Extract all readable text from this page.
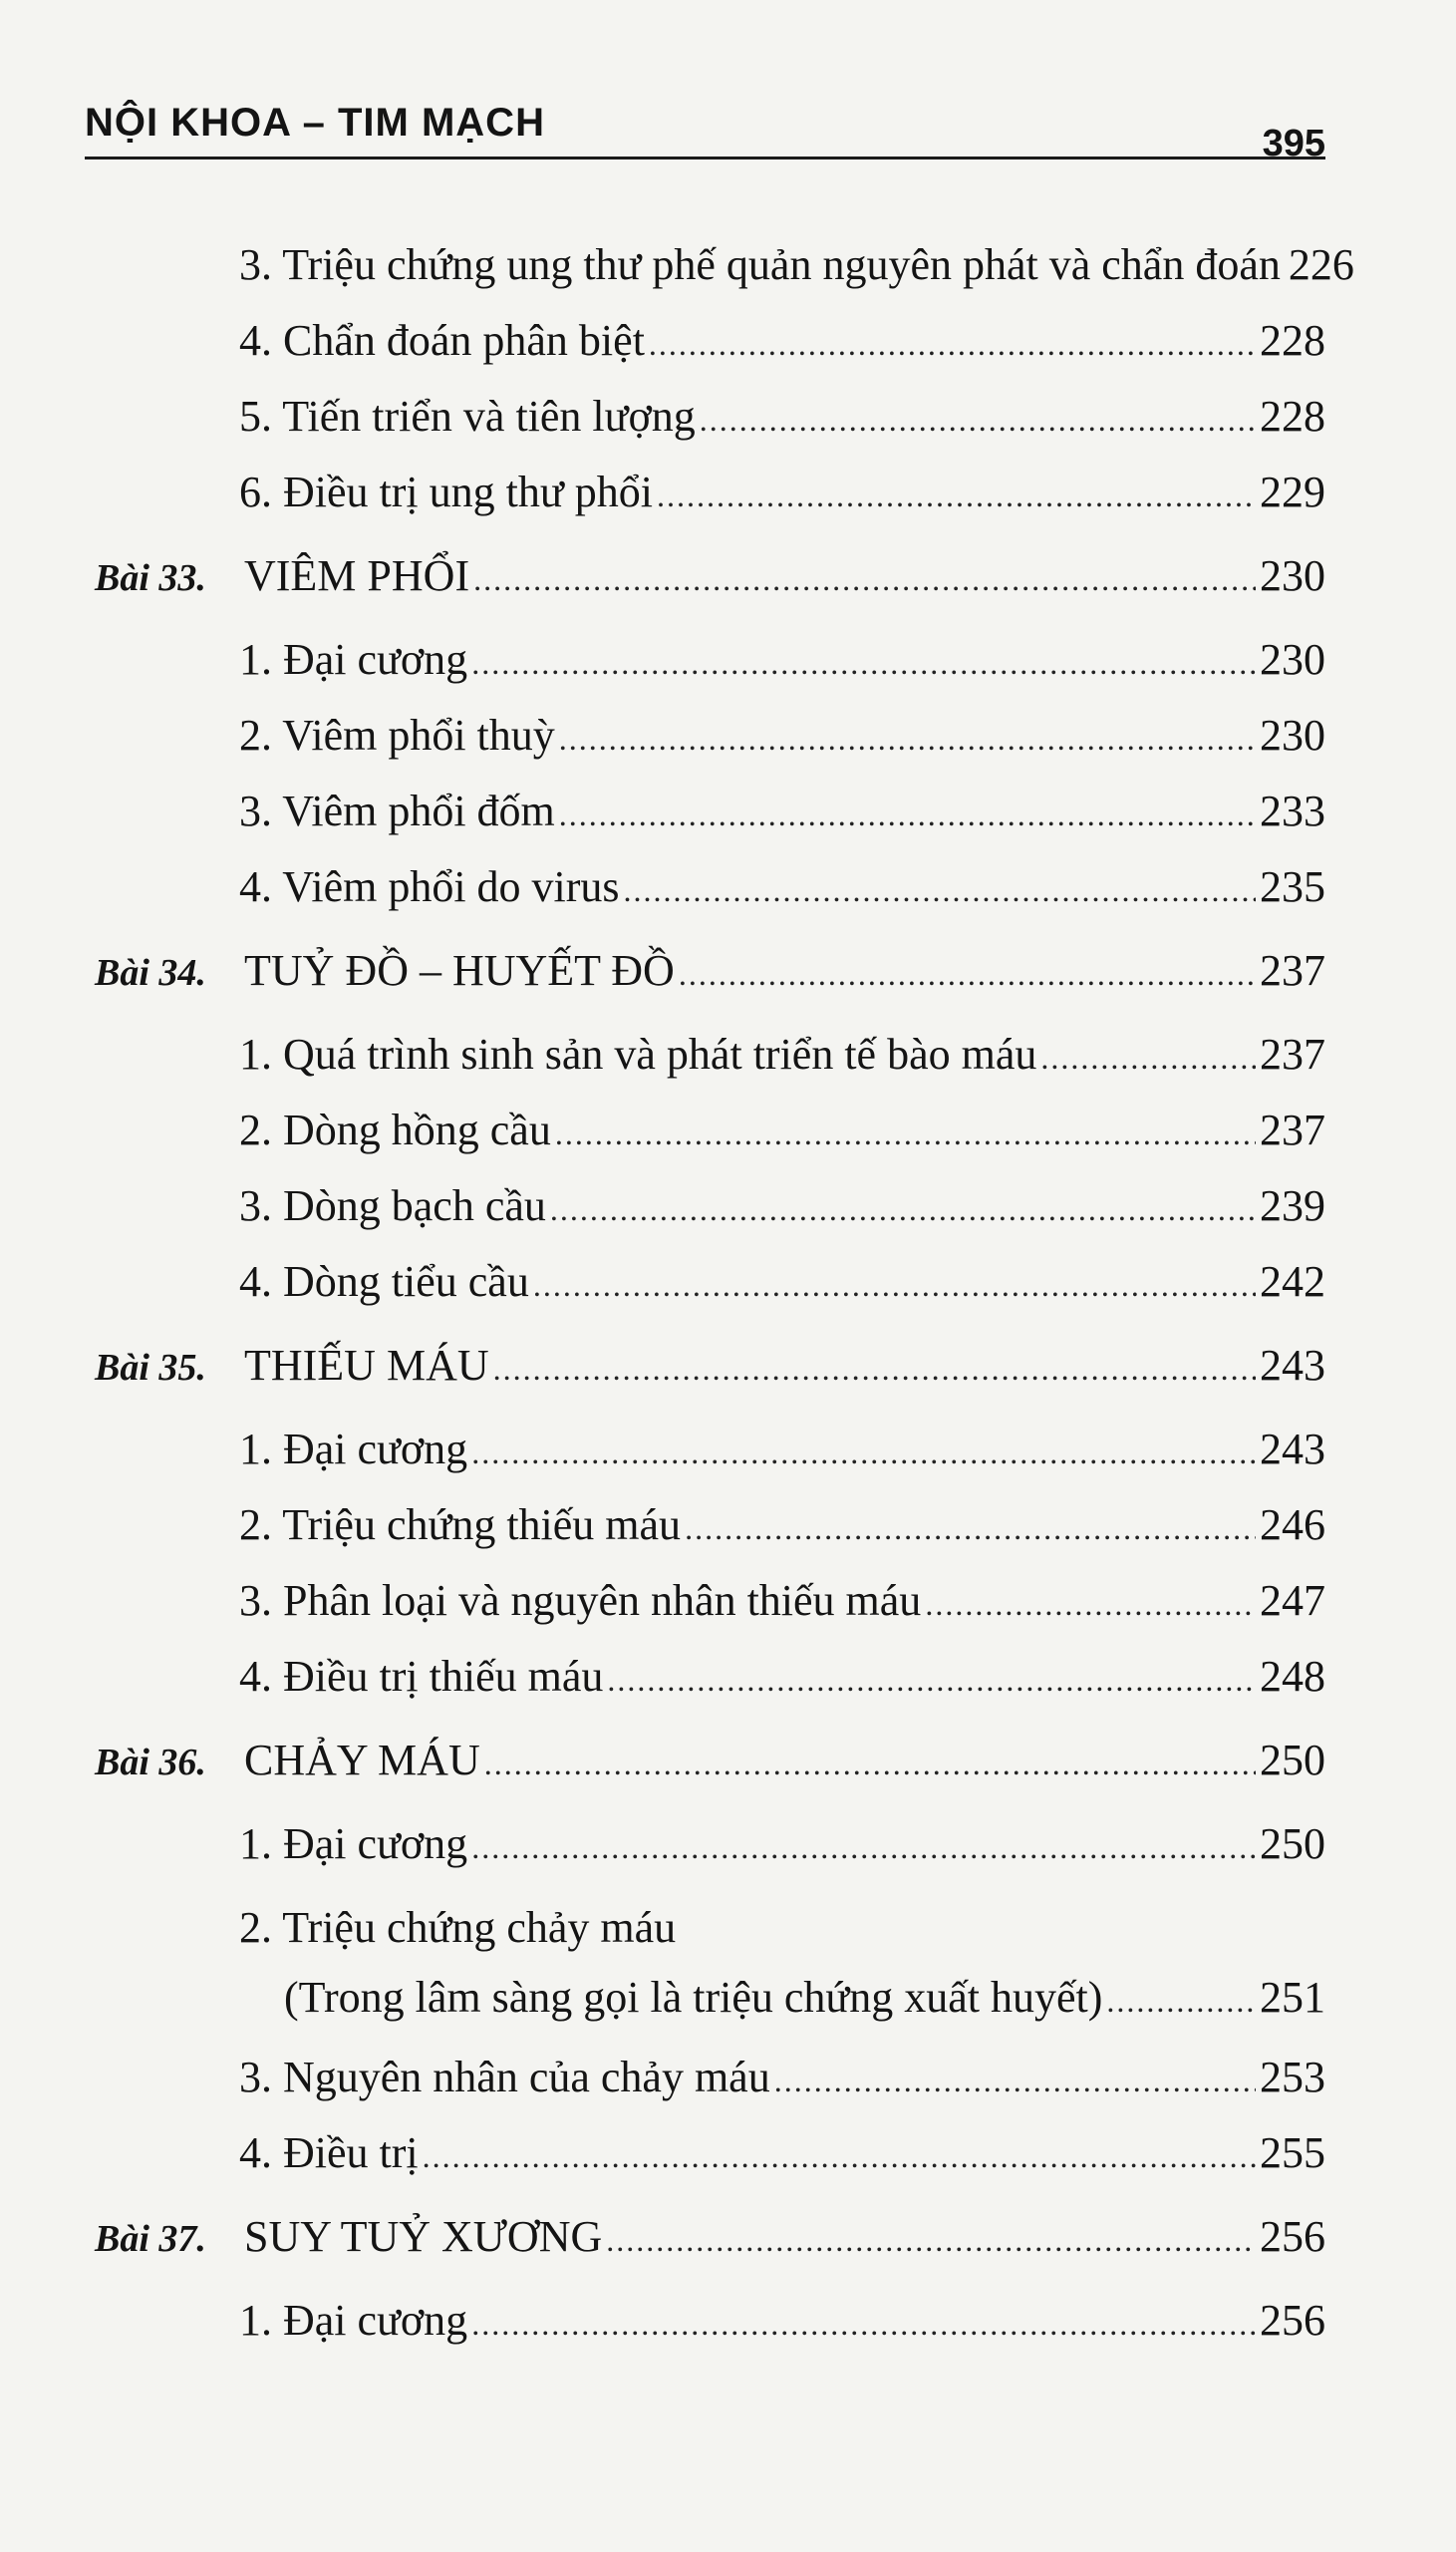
NỘI KHOA – TIM MẠCH	395
3. Triệu chứng ung thư phế quản nguyên phát và chẩn đoán 226
4. Chẩn đoán phân biệt .....	228
5. Tiến triển và tiên lượng .....	228
6. Điều trị ung thư phổi .....	229
Bài 33. VIÊM PHỔI .....	230
1. Đại cương .....	230
2. Viêm phổi thuỳ .....	230
3. Viêm phổi đốm .....	233
4. Viêm phổi do virus .....	235
Bài 34. TUỶ ĐỒ – HUYẾT ĐỒ .....	237
1. Quá trình sinh sản và phát triển tế bào máu .....	237
2. Dòng hồng cầu .....	237
3. Dòng bạch cầu .....	239
4. Dòng tiểu cầu .....	242
Bài 35. THIẾU MÁU .....	243
1. Đại cương .....	243
2. Triệu chứng thiếu máu .....	246
3. Phân loại và nguyên nhân thiếu máu .....	247
4. Điều trị thiếu máu .....	248
Bài 36. CHẢY MÁU .....	250
1. Đại cương .....	250
2. Triệu chứng chảy máu
(Trong lâm sàng gọi là triệu chứng xuất huyết) .....	251
3. Nguyên nhân của chảy máu .....	253
4. Điều trị .....	255
Bài 37. SUY TUỶ XƯƠNG .....	256
1. Đại cương .....	256
